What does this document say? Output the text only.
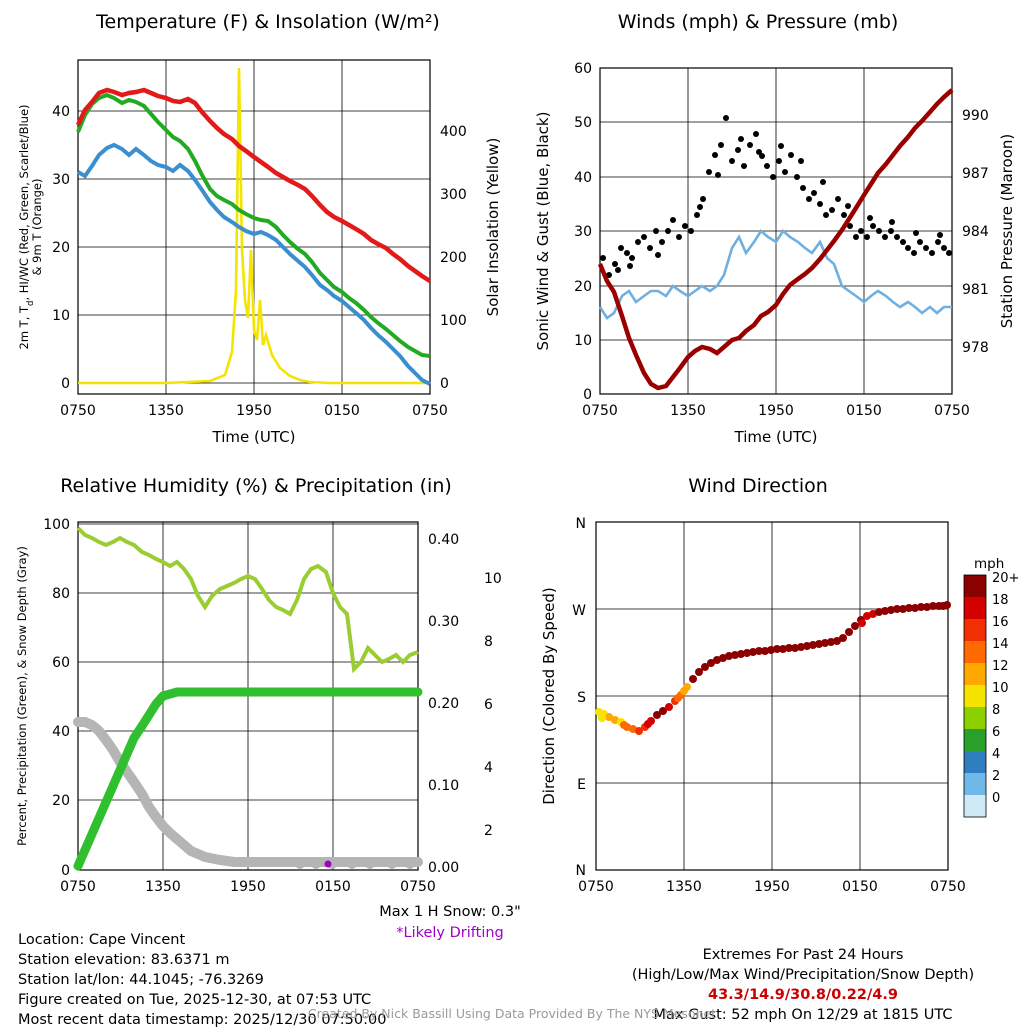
Temperature (F) & Insolation (W/m²)
0
10
20
30
40
0
100
200
300
400
0750	1350	1950	0150	0750
Time (UTC)
2m T, $T_d$, HI/WC (Red, Green, Scarlet/Blue) & 9m T (Orange)	Solar Insolation (Yellow)
Winds (mph) & Pressure (mb)
0
10
20
30
40
50
60
978
981
984
987
990
0750	1350	1950	0150	0750
Time (UTC)
Sonic Wind & Gust (Blue, Black)	Station Pressure (Maroon)
Relative Humidity (%) & Precipitation (in)
0
20
40
60
80
100
0.00
0.10
0.20
0.30
0.40
2
4
6
8
10
0750	1350	1950	0150	0750
Percent, Precipitation (Green), & Snow Depth (Gray)
Wind Direction
N
W
S
E
N
0750	1350	1950	0150	0750
Direction (Colored By Speed)
mph
20+
18
16
14
12
10
8
6
4
2
0
Location: Cape Vincent
Station elevation: 83.6371 m
Station lat/lon: 44.1045; -76.3269
Figure created on Tue, 2025-12-30, at 07:53 UTC
Most recent data timestamp: 2025/12/30 07:50:00
Max 1 H Snow: 0.3"
*Likely Drifting
Extremes For Past 24 Hours
(High/Low/Max Wind/Precipitation/Snow Depth)
43.3/14.9/30.8/0.22/4.9
Max Gust: 52 mph On 12/29 at 1815 UTC
Created By Nick Bassill Using Data Provided By The NYS Mesonet
